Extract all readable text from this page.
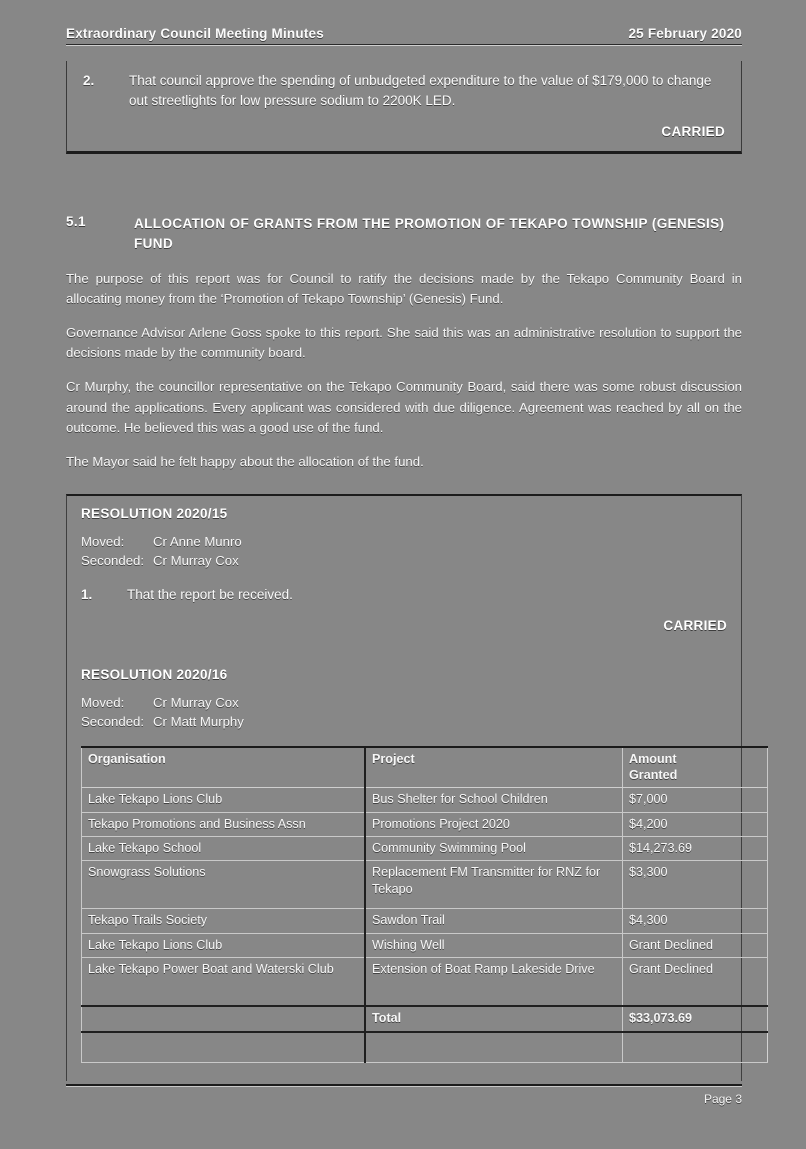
Extraordinary Council Meeting Minutes	25 February 2020
2.	That council approve the spending of unbudgeted expenditure to the value of $179,000 to change out streetlights for low pressure sodium to 2200K LED.
CARRIED
5.1	ALLOCATION OF GRANTS FROM THE PROMOTION OF TEKAPO TOWNSHIP (GENESIS) FUND

The purpose of this report was for Council to ratify the decisions made by the Tekapo Community Board in allocating money from the ‘Promotion of Tekapo Township’ (Genesis) Fund.

Governance Advisor Arlene Goss spoke to this report. She said this was an administrative resolution to support the decisions made by the community board.

Cr Murphy, the councillor representative on the Tekapo Community Board, said there was some robust discussion around the applications. Every applicant was considered with due diligence. Agreement was reached by all on the outcome. He believed this was a good use of the fund.

The Mayor said he felt happy about the allocation of the fund.

RESOLUTION 2020/15
Moved:	Cr Anne Munro
Seconded: Cr Murray Cox
1.	That the report be received.
CARRIED
RESOLUTION 2020/16
Moved:	Cr Murray Cox
Seconded: Cr Matt Murphy
Organisation	Project	Amount
Granted

Lake Tekapo Lions Club	Bus Shelter for School Children	$7,000
Tekapo Promotions and Business Assn	Promotions Project 2020	$4,200
Lake Tekapo School	Community Swimming Pool	$14,273.69
Snowgrass Solutions	Replacement FM Transmitter for RNZ for Tekapo	$3,300
Tekapo Trails Society	Sawdon Trail	$4,300
Lake Tekapo Lions Club	Wishing Well	Grant Declined
Lake Tekapo Power Boat and Waterski Club	Extension of Boat Ramp Lakeside Drive	Grant Declined
	Total	$33,073.69

Page 3
